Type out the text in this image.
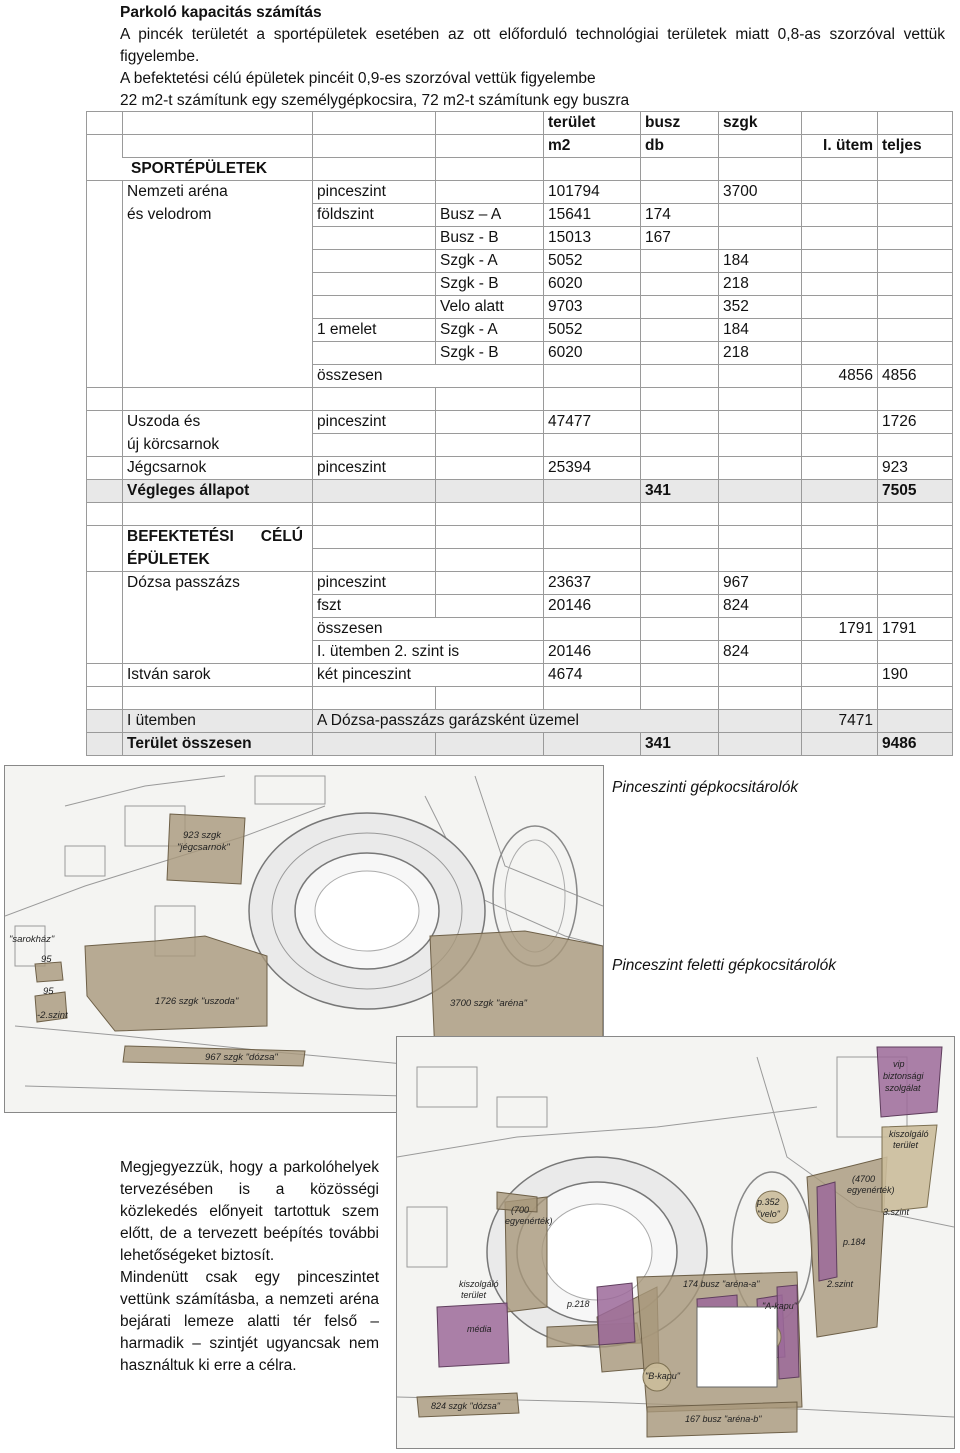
Parkoló kapacitás számítás

A pincék területét a sportépületek esetében az ott előforduló technológiai területek miatt 0,8-as szorzóval vettük figyelembe.

A befektetési célú épületek pincéit 0,9-es szorzóval vettük figyelembe

22 m2-t számítunk egy személygépkocsira, 72 m2-t számítunk egy buszra

				terület	busz	szgk		
				m2	db		I. ütem	teljes
SPORTÉPÜLETEK								
	Nemzeti aréna	pinceszint		101794		3700		
	és velodrom	földszint	Busz – A	15641	174			
			Busz - B	15013	167			
			Szgk - A	5052		184		
			Szgk - B	6020		218		
			Velo alatt	9703		352		
		1 emelet	Szgk - A	5052		184		
			Szgk - B	6020		218		
		összesen					4856	4856

	Uszoda és	pinceszint		47477				1726
	új körcsarnok							
	Jégcsarnok	pinceszint		25394				923
	Végleges állapot				341			7505

	BEFEKTETÉSI CÉLÚ							
	ÉPÜLETEK							
	Dózsa passzázs	pinceszint		23637		967		
		fszt		20146		824		
		összesen					1791	1791
		I. ütemben 2. szint is		20146		824		
	István sarok	két pinceszint		4674				190

	I ütemben	A Dózsa-passzázs garázsként üzemel					7471	
	Terület összesen				341			9486
923 szgk
"jégcsarnok"
"sarokház"
95
95
-2.szint
1726 szgk "uszoda"	3700 szgk "aréna"
967 szgk "dózsa"
Pinceszinti gépkocsitárolók
Pinceszint feletti gépkocsitárolók
vip
biztonsági
szolgálat
kiszolgáló
terület
(4700
egyenérték)
3.szint
p.184
2.szint
p.352
"velo"
174 busz "aréna-a"
"A-kapu"
p.218
média
"B-kapu"
167 busz "aréna-b"
824 szgk "dózsa"
kiszolgáló
terület
(700
egyenérték)

Megjegyezzük, hogy a parkolóhelyek tervezésében is a közösségi közlekedés előnyeit tartottuk szem előtt, de a tervezett beépítés további lehetőségeket biztosít.

Mindenütt csak egy pinceszintet vettünk számításba, a nemzeti aréna bejárati lemeze alatti tér felső – harmadik – szintjét ugyancsak nem használtuk ki erre a célra.
